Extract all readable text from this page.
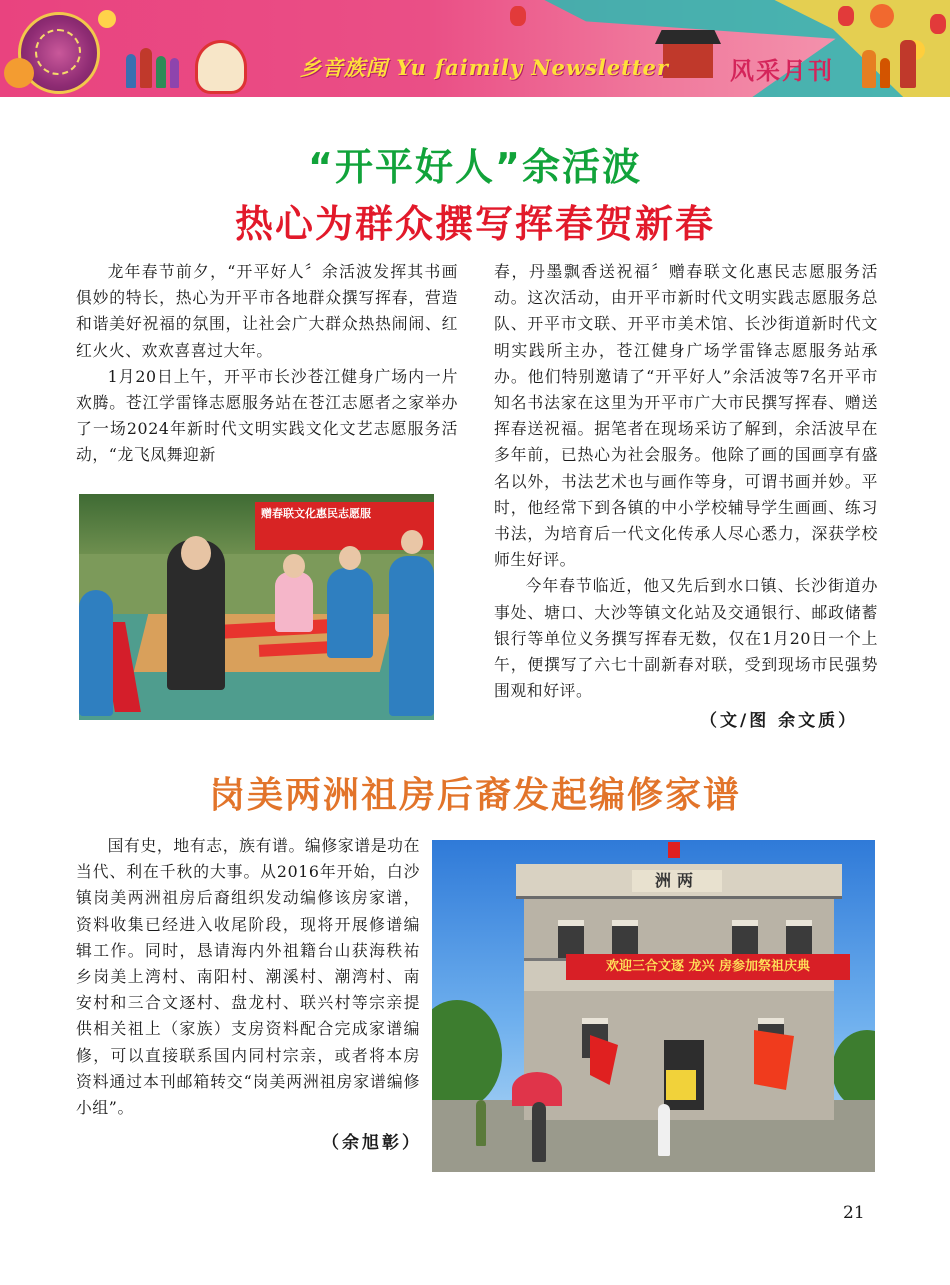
乡音族闻 Yu faimily Newsletter	风采月刊
“开平好人”余活波
热心为群众撰写挥春贺新春

龙年春节前夕，“开平好人〞余活波发挥其书画俱妙的特长，热心为开平市各地群众撰写挥春，营造和谐美好祝福的氛围，让社会广大群众热热闹闹、红红火火、欢欢喜喜过大年。

1月20日上午，开平市长沙苍江健身广场内一片欢腾。苍江学雷锋志愿服务站在苍江志愿者之家举办了一场2024年新时代文明实践文化文艺志愿服务活动，“龙飞凤舞迎新

赠春联文化惠民志愿服

春，丹墨飘香送祝福〞赠春联文化惠民志愿服务活动。这次活动，由开平市新时代文明实践志愿服务总队、开平市文联、开平市美术馆、长沙街道新时代文明实践所主办，苍江健身广场学雷锋志愿服务站承办。他们特别邀请了“开平好人”余活波等7名开平市知名书法家在这里为开平市广大市民撰写挥春、赠送挥春送祝福。据笔者在现场采访了解到，余活波早在多年前，已热心为社会服务。他除了画的国画享有盛名以外，书法艺术也与画作等身，可谓书画并妙。平时，他经常下到各镇的中小学校辅导学生画画、练习书法，为培育后一代文化传承人尽心悉力，深获学校师生好评。

今年春节临近，他又先后到水口镇、长沙街道办事处、塘口、大沙等镇文化站及交通银行、邮政储蓄银行等单位义务撰写挥春无数，仅在1月20日一个上午，便撰写了六七十副新春对联，受到现场市民强势围观和好评。

（文/图 余文质）
岗美两洲祖房后裔发起编修家谱

国有史，地有志，族有谱。编修家谱是功在当代、利在千秋的大事。从2016年开始，白沙镇岗美两洲祖房后裔组织发动编修该房家谱，资料收集已经进入收尾阶段，现将开展修谱编辑工作。同时，恳请海内外祖籍台山获海秩祐乡岗美上湾村、南阳村、潮溪村、潮湾村、南安村和三合文逐村、盘龙村、联兴村等宗亲提供相关祖上（家族）支房资料配合完成家谱编修，可以直接联系国内同村宗亲，或者将本房资料通过本刊邮箱转交“岗美两洲祖房家谱编修小组”。

（余旭彰）
洲两
欢迎三合文逐 龙兴 房参加祭祖庆典
21
